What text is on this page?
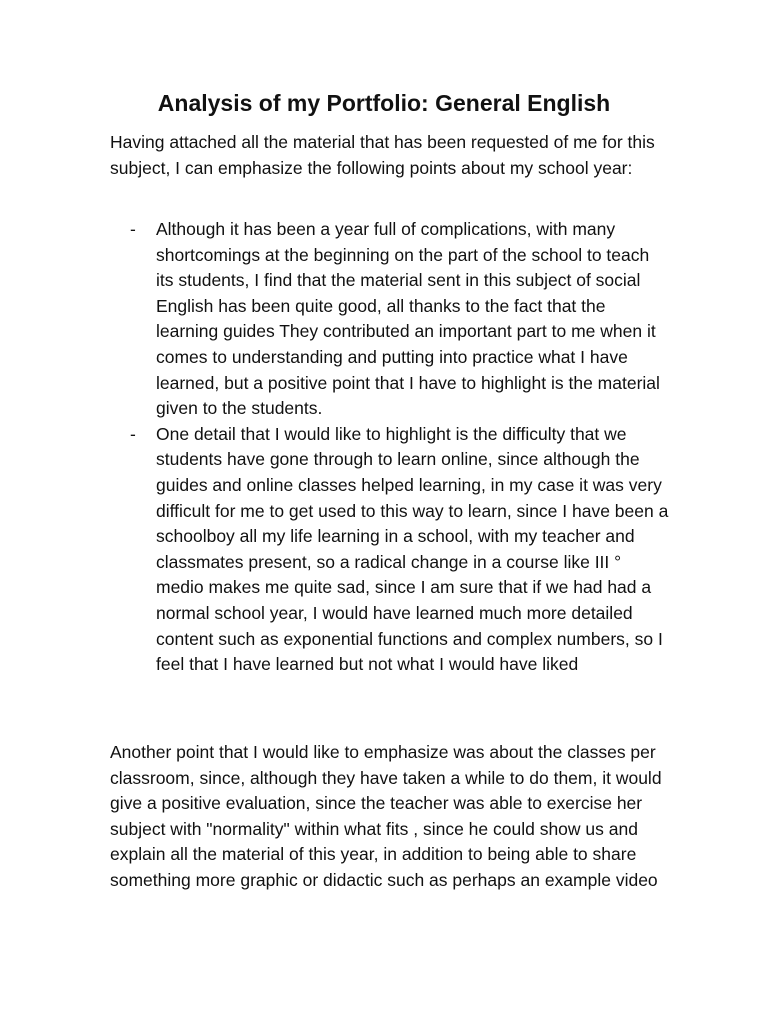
Analysis of my Portfolio: General English

Having attached all the material that has been requested of me for this subject, I can emphasize the following points about my school year:

-	Although it has been a year full of complications, with many shortcomings at the beginning on the part of the school to teach its students, I find that the material sent in this subject of social English has been quite good, all thanks to the fact that the learning guides They contributed an important part to me when it comes to understanding and putting into practice what I have learned, but a positive point that I have to highlight is the material given to the students.
-	One detail that I would like to highlight is the difficulty that we students have gone through to learn online, since although the guides and online classes helped learning, in my case it was very difficult for me to get used to this way to learn, since I have been a schoolboy all my life learning in a school, with my teacher and classmates present, so a radical change in a course like III ° medio makes me quite sad, since I am sure that if we had had a normal school year, I would have learned much more detailed content such as exponential functions and complex numbers, so I feel that I have learned but not what I would have liked

Another point that I would like to emphasize was about the classes per classroom, since, although they have taken a while to do them, it would give a positive evaluation, since the teacher was able to exercise her subject with "normality" within what fits , since he could show us and explain all the material of this year, in addition to being able to share something more graphic or didactic such as perhaps an example video
